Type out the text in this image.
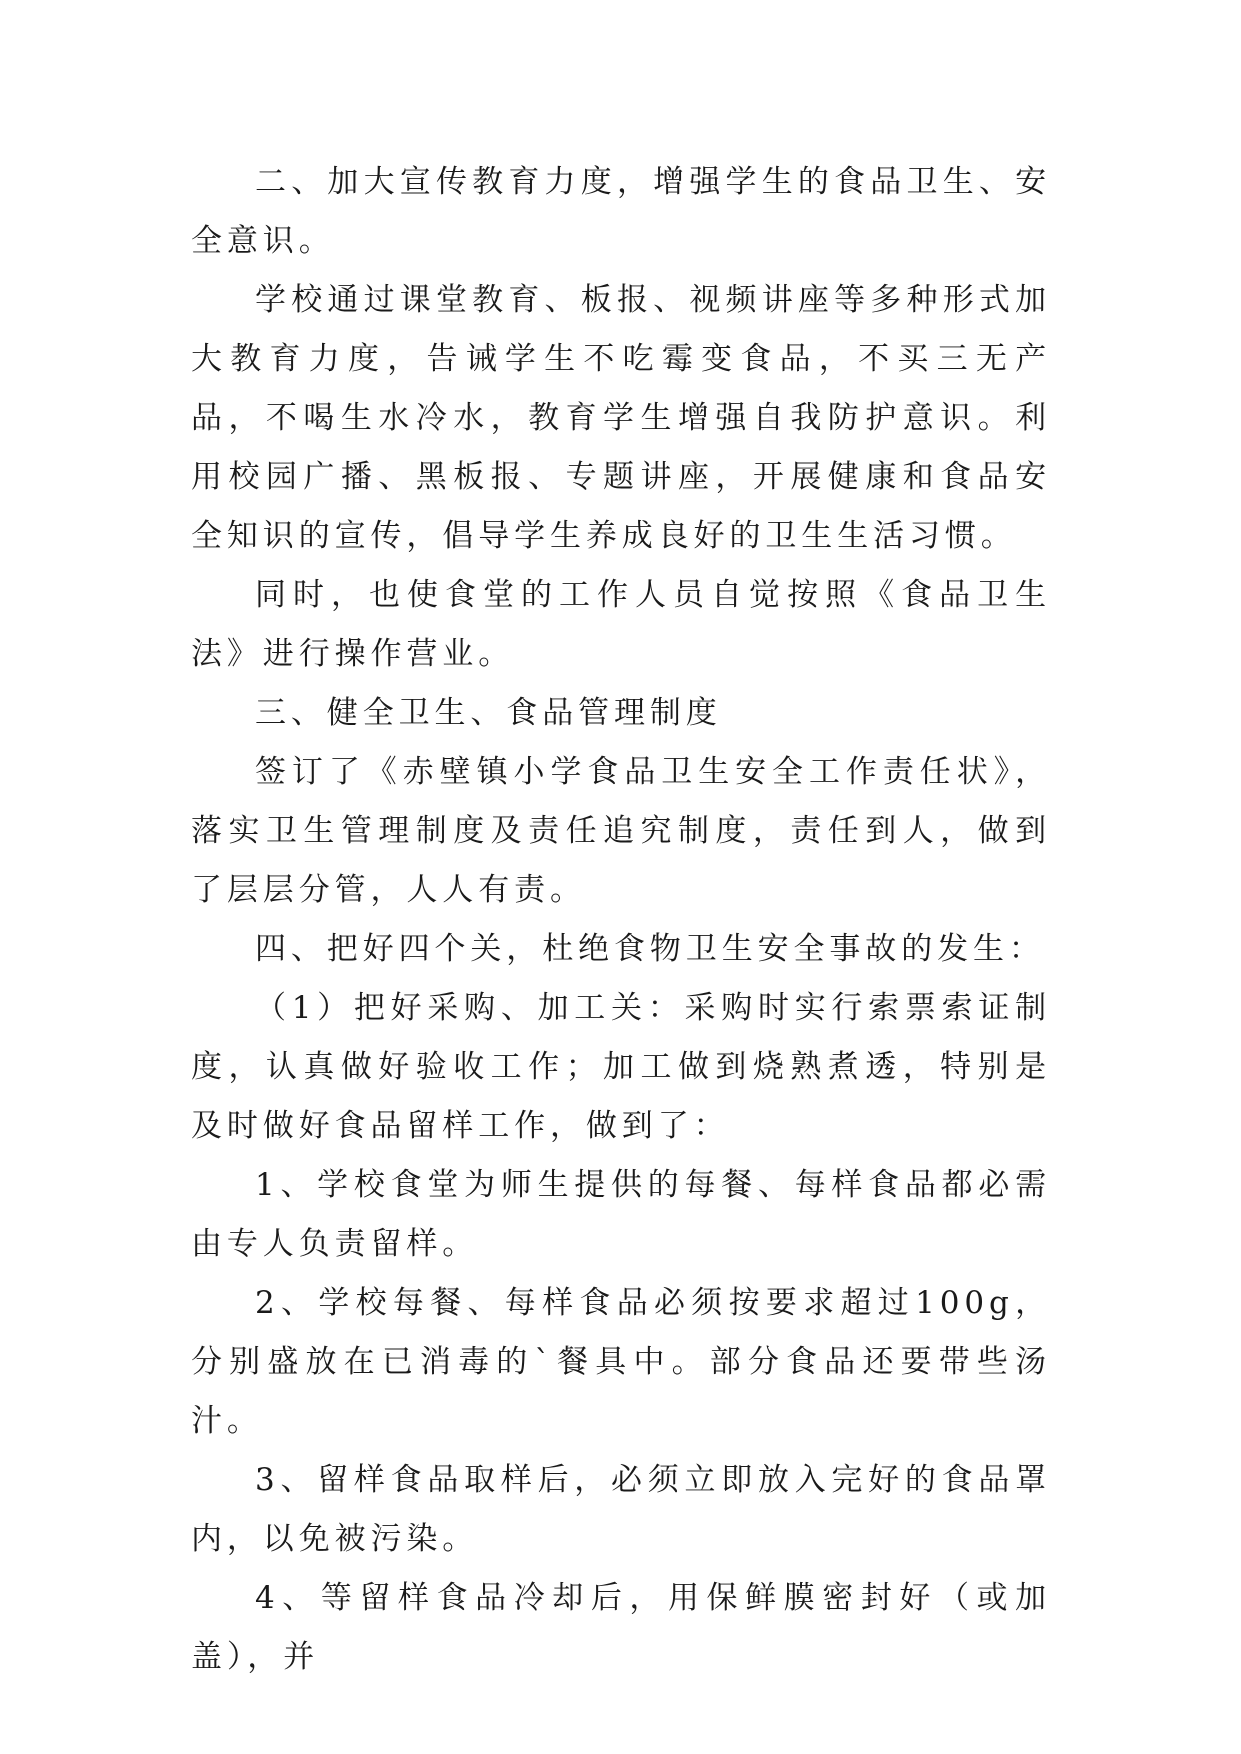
二、加大宣传教育力度，增强学生的食品卫生、安全意识。

学校通过课堂教育、板报、视频讲座等多种形式加大教育力度，告诫学生不吃霉变食品，不买三无产品，不喝生水冷水，教育学生增强自我防护意识。利用校园广播、黑板报、专题讲座，开展健康和食品安全知识的宣传，倡导学生养成良好的卫生生活习惯。

同时，也使食堂的工作人员自觉按照《食品卫生法》进行操作营业。

三、健全卫生、食品管理制度

签订了《赤壁镇小学食品卫生安全工作责任状》，落实卫生管理制度及责任追究制度，责任到人，做到了层层分管，人人有责。

四、把好四个关，杜绝食物卫生安全事故的发生：

（1）把好采购、加工关：采购时实行索票索证制度，认真做好验收工作；加工做到烧熟煮透，特别是及时做好食品留样工作，做到了：

1、学校食堂为师生提供的每餐、每样食品都必需由专人负责留样。

2、学校每餐、每样食品必须按要求超过100g，分别盛放在已消毒的`餐具中。部分食品还要带些汤汁。

3、留样食品取样后，必须立即放入完好的食品罩内，以免被污染。

4、等留样食品冷却后，用保鲜膜密封好（或加盖），并
